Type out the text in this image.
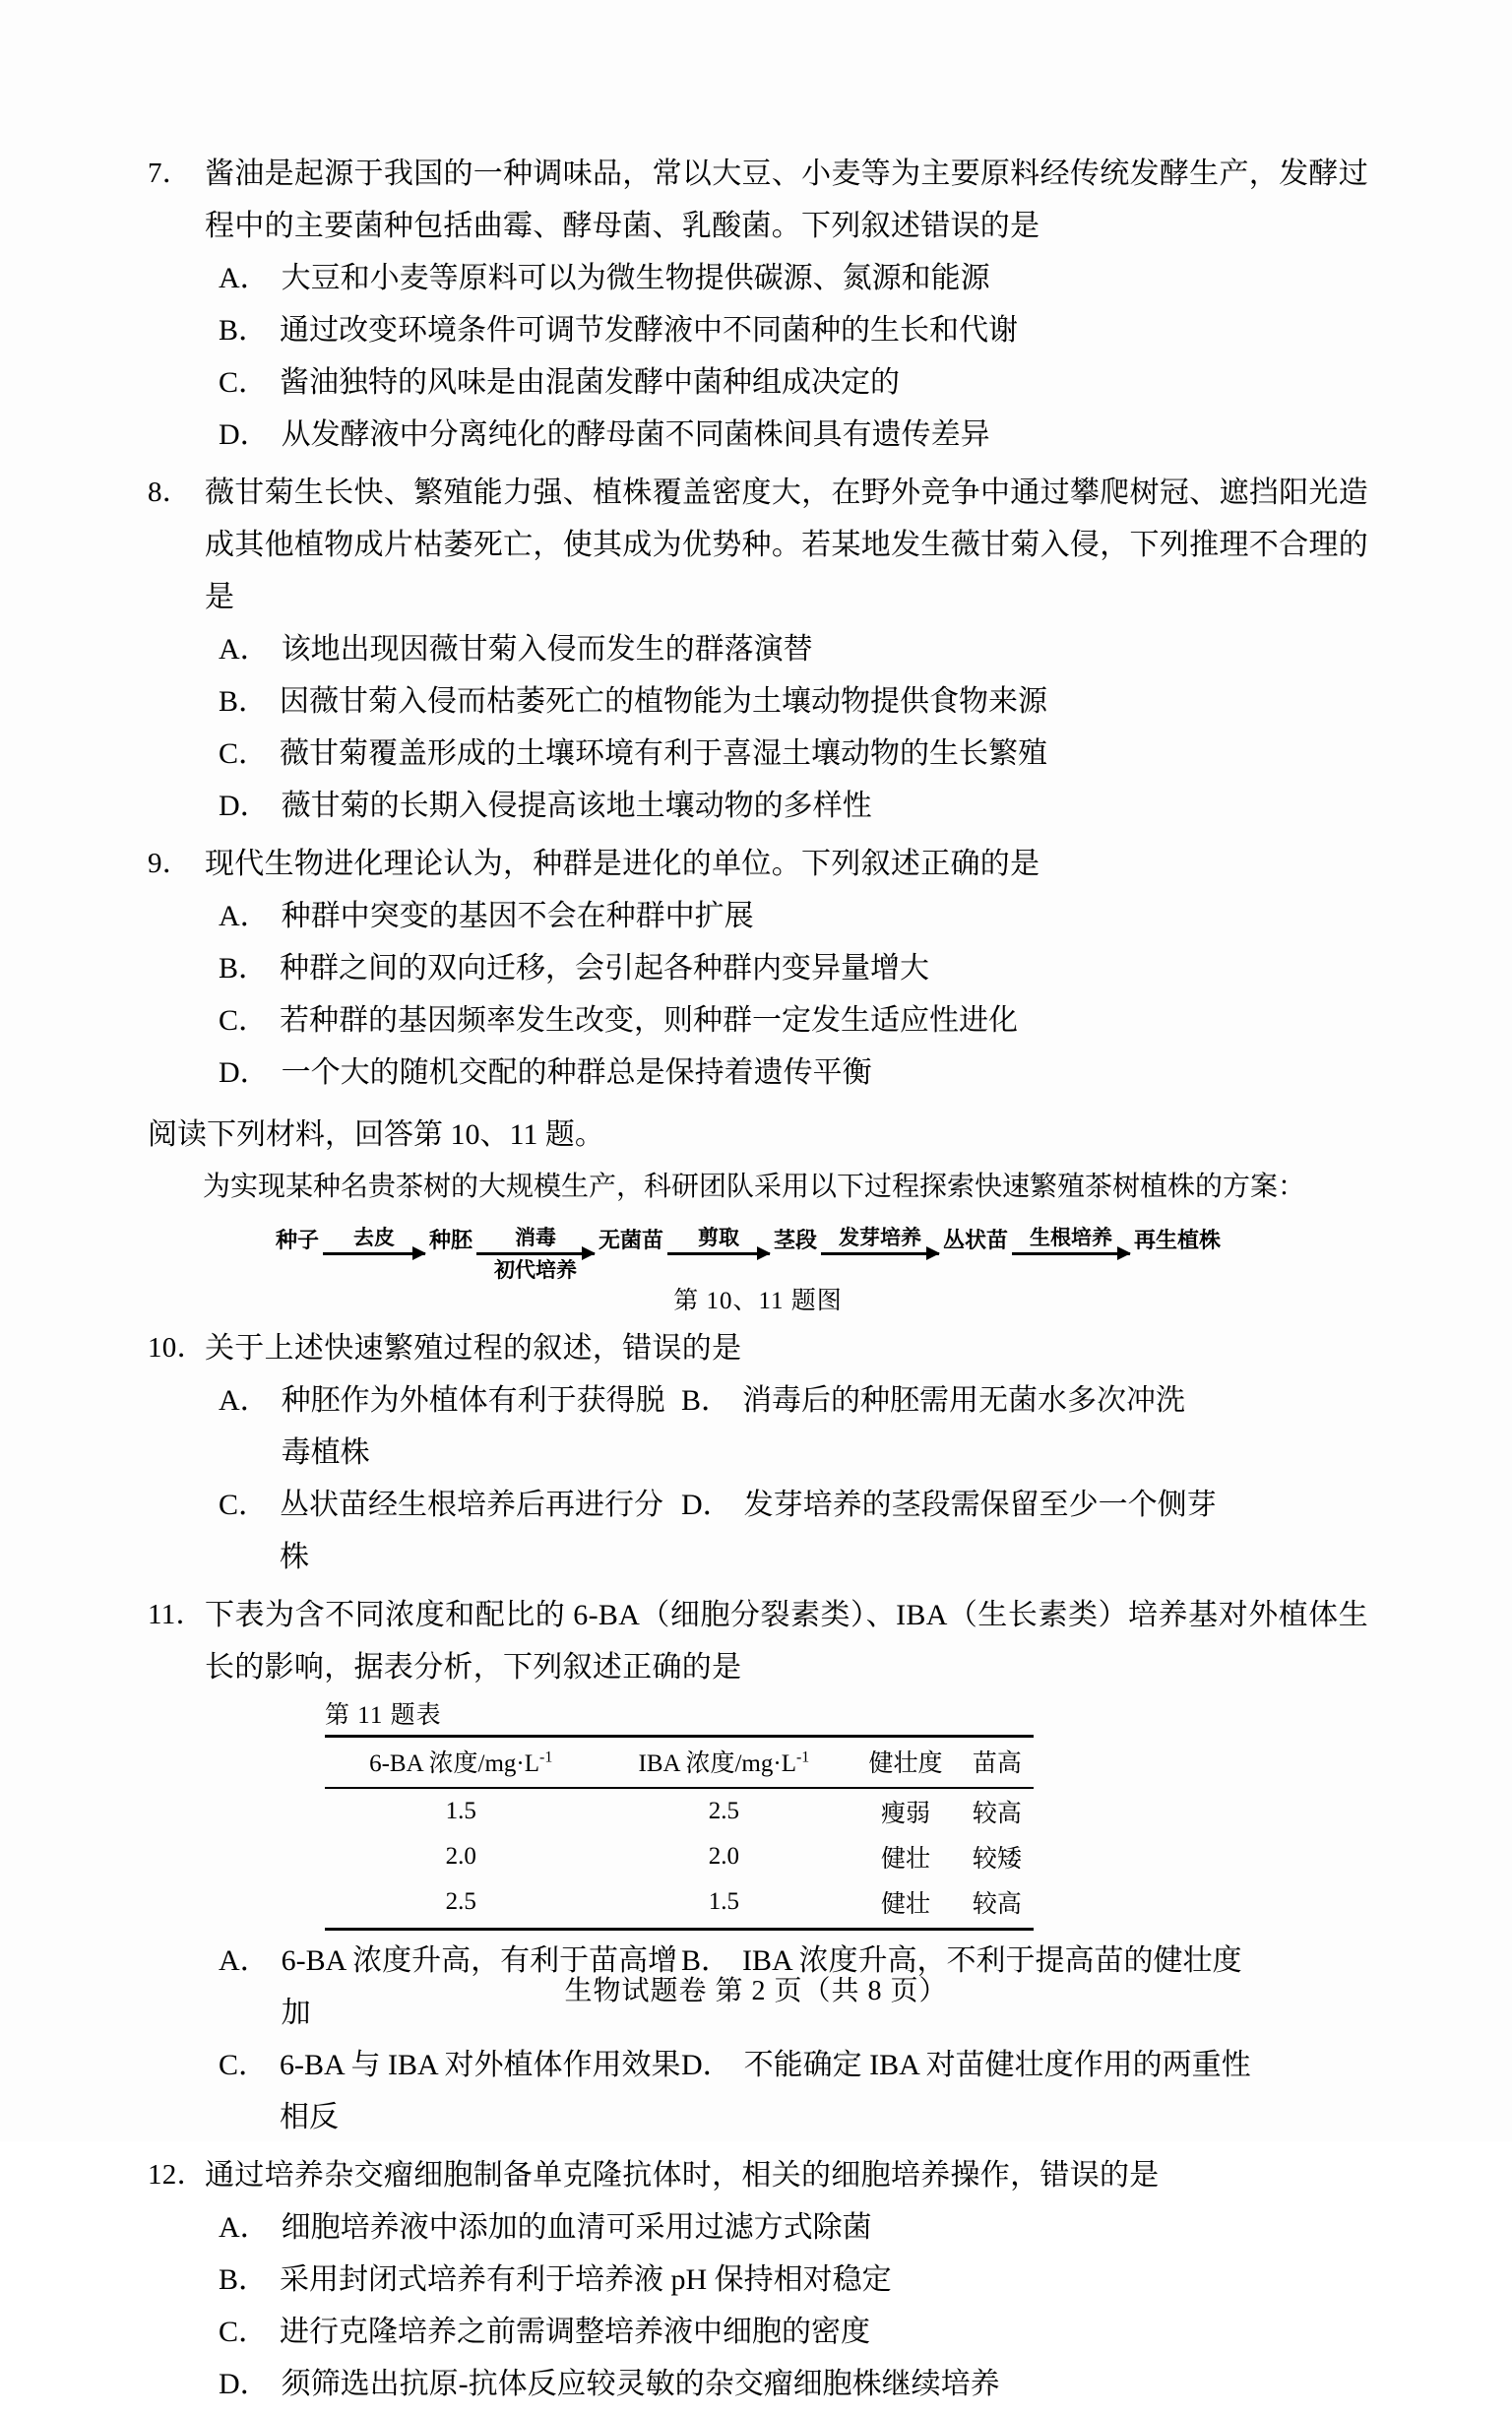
7． 酱油是起源于我国的一种调味品，常以大豆、小麦等为主要原料经传统发酵生产，发酵过程中的主要菌种包括曲霉、酵母菌、乳酸菌。下列叙述错误的是
A． 大豆和小麦等原料可以为微生物提供碳源、氮源和能源
B． 通过改变环境条件可调节发酵液中不同菌种的生长和代谢
C． 酱油独特的风味是由混菌发酵中菌种组成决定的
D． 从发酵液中分离纯化的酵母菌不同菌株间具有遗传差异
8． 薇甘菊生长快、繁殖能力强、植株覆盖密度大，在野外竞争中通过攀爬树冠、遮挡阳光造成其他植物成片枯萎死亡，使其成为优势种。若某地发生薇甘菊入侵，下列推理不合理的是
A． 该地出现因薇甘菊入侵而发生的群落演替
B． 因薇甘菊入侵而枯萎死亡的植物能为土壤动物提供食物来源
C． 薇甘菊覆盖形成的土壤环境有利于喜湿土壤动物的生长繁殖
D． 薇甘菊的长期入侵提高该地土壤动物的多样性
9． 现代生物进化理论认为，种群是进化的单位。下列叙述正确的是
A． 种群中突变的基因不会在种群中扩展
B． 种群之间的双向迁移，会引起各种群内变异量增大
C． 若种群的基因频率发生改变，则种群一定发生适应性进化
D． 一个大的随机交配的种群总是保持着遗传平衡
阅读下列材料，回答第 10、11 题。
为实现某种名贵茶树的大规模生产，科研团队采用以下过程探索快速繁殖茶树植株的方案：
种子 去皮 种胚 消毒
初代培养
无菌苗 剪取 茎段 发芽培养 丛状苗 生根培养 再生植株
第 10、11 题图
10． 关于上述快速繁殖过程的叙述，错误的是
A． 种胚作为外植体有利于获得脱毒植株
B． 消毒后的种胚需用无菌水多次冲洗
C． 丛状苗经生根培养后再进行分株
D． 发芽培养的茎段需保留至少一个侧芽
11． 下表为含不同浓度和配比的 6-BA（细胞分裂素类）、IBA（生长素类）培养基对外植体生长的影响，据表分析，下列叙述正确的是
第 11 题表
6-BA 浓度$/mg\cdot L^{-1}$	IBA 浓度$/mg\cdot L^{-1}$	健壮度	苗高
1.5	2.5	瘦弱	较高
2.0	2.0	健壮	较矮
2.5	1.5	健壮	较高
A． 6-BA 浓度升高，有利于苗高增加
B． IBA 浓度升高，不利于提高苗的健壮度
C． 6-BA 与 IBA 对外植体作用效果相反
D． 不能确定 IBA 对苗健壮度作用的两重性
12． 通过培养杂交瘤细胞制备单克隆抗体时，相关的细胞培养操作，错误的是
A． 细胞培养液中添加的血清可采用过滤方式除菌
B． 采用封闭式培养有利于培养液 pH 保持相对稳定
C． 进行克隆培养之前需调整培养液中细胞的密度
D． 须筛选出抗原-抗体反应较灵敏的杂交瘤细胞株继续培养
生物试题卷 第 2 页（共 8 页）
